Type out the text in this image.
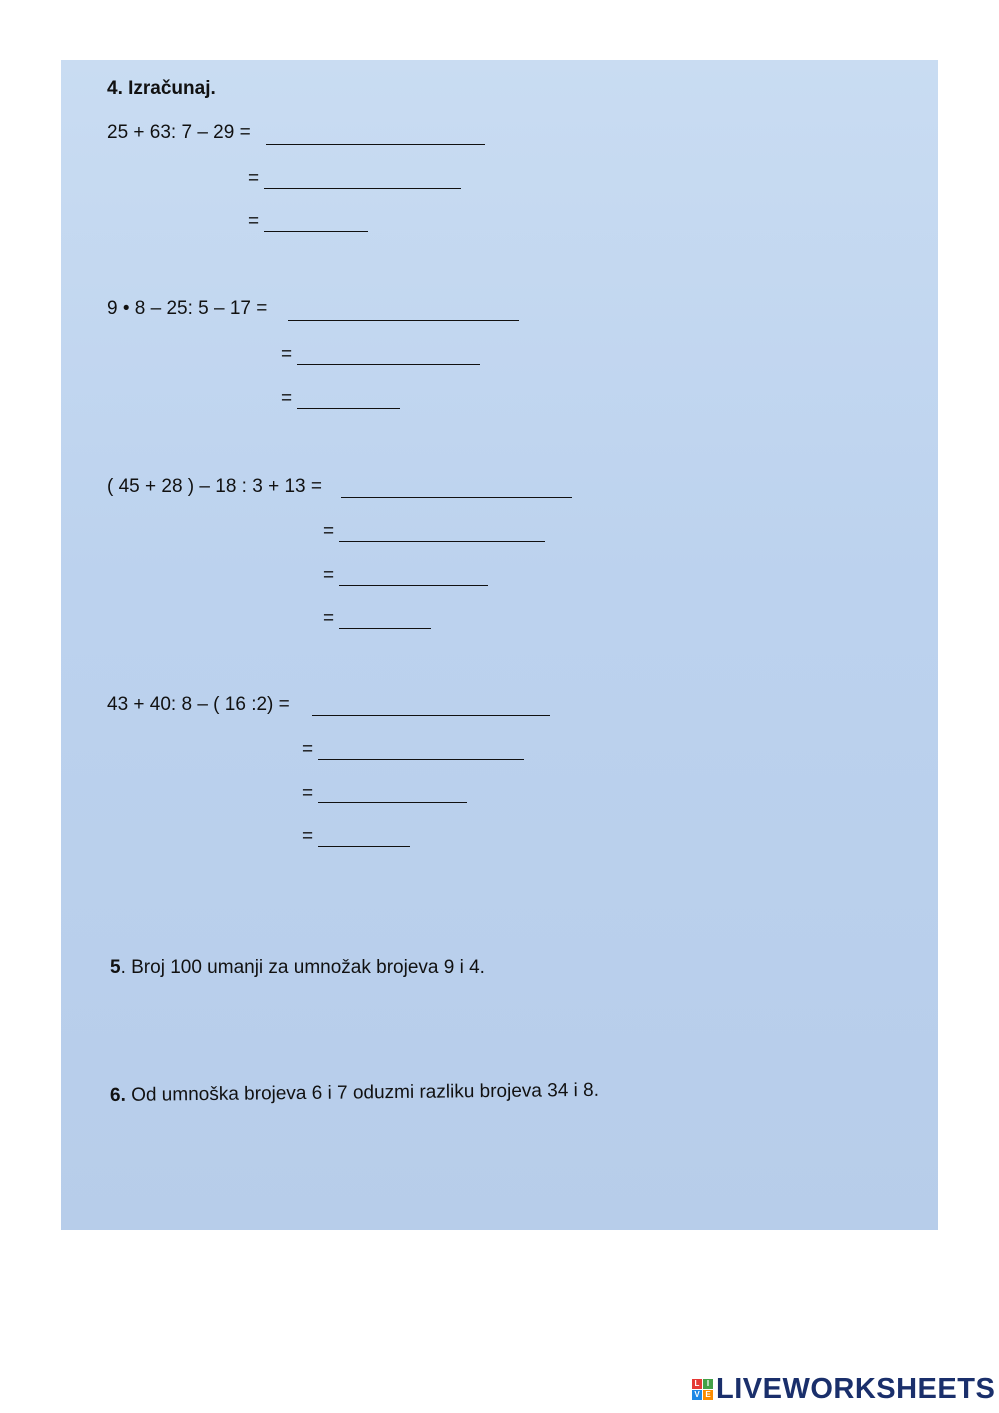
4. Izračunaj.
25 + 63: 7 – 29 =
=
=
9 • 8 – 25: 5 – 17 =
=
=
( 45 + 28 ) – 18 : 3 + 13 =
=
=
=
43 + 40: 8 – ( 16 :2) =
=
=
=
5. Broj 100 umanji za umnožak brojeva 9 i 4.
6. Od umnoška brojeva 6 i 7 oduzmi razliku brojeva 34 i 8.
L I
V E LIVEWORKSHEETS
